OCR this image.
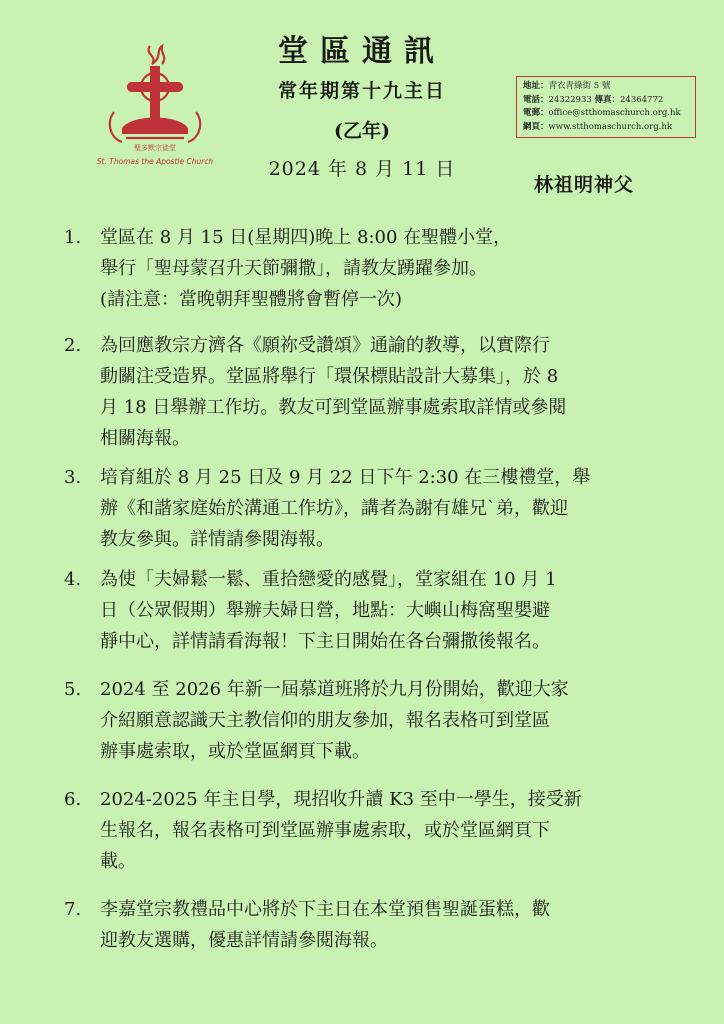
聖多默宗徒堂
St. Thomas the Apostle Church
堂區通訊
常年期第十九主日
(乙年)
2024 年 8 月 11 日
地址：青衣青綠街 5 號
電話：24322933 傳真：24364772
電郵：office@stthomaschurch.org.hk
網頁：www.stthomaschurch.org.hk
林祖明神父
1.	堂區在 8 月 15 日(星期四)晚上 8:00 在聖體小堂，
舉行「聖母蒙召升天節彌撒」，請教友踴躍參加。
(請注意：當晚朝拜聖體將會暫停一次)
2.	為回應教宗方濟各《願祢受讚頌》通諭的教導，以實際行
動關注受造界。堂區將舉行「環保標貼設計大募集」，於 8
月 18 日舉辦工作坊。教友可到堂區辦事處索取詳情或參閱
相關海報。
3.	培育組於 8 月 25 日及 9 月 22 日下午 2:30 在三樓禮堂，舉
辦《和諧家庭始於溝通工作坊》，講者為謝有雄兄`弟，歡迎
教友參與。詳情請參閱海報。
4.	為使「夫婦鬆一鬆、重拾戀愛的感覺」，堂家組在 10 月 1
日（公眾假期）舉辦夫婦日營，地點：大嶼山梅窩聖嬰避
靜中心，詳情請看海報！下主日開始在各台彌撒後報名。
5.	2024 至 2026 年新一屆慕道班將於九月份開始，歡迎大家
介紹願意認識天主教信仰的朋友參加，報名表格可到堂區
辦事處索取，或於堂區網頁下載。
6.	2024-2025 年主日學，現招收升讀 K3 至中一學生，接受新
生報名，報名表格可到堂區辦事處索取，或於堂區網頁下
載。
7.	李嘉堂宗教禮品中心將於下主日在本堂預售聖誕蛋糕，歡
迎教友選購，優惠詳情請參閱海報。
